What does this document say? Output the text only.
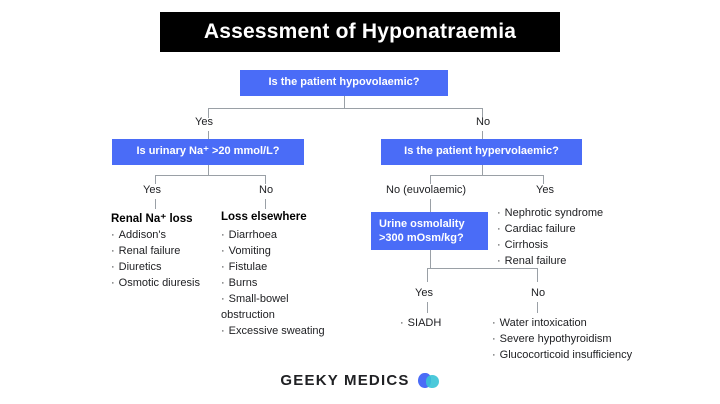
Assessment of Hyponatraemia
Is the patient hypovolaemic?
Yes	No
Is urinary Na⁺ >20 mmol/L?
Yes	No
Renal Na⁺ loss
· Addison's
· Renal failure
· Diuretics
· Osmotic diuresis
Loss elsewhere
· Diarrhoea
· Vomiting
· Fistulae
· Burns
· Small-bowel obstruction
· Excessive sweating
Is the patient hypervolaemic?
No (euvolaemic)	Yes
· Nephrotic syndrome
· Cardiac failure
· Cirrhosis
· Renal failure
Urine osmolality >300 mOsm/kg?
Yes	No
· SIADH	· Water intoxication
· Severe hypothyroidism
· Glucocorticoid insufficiency
GEEKY MEDICS
